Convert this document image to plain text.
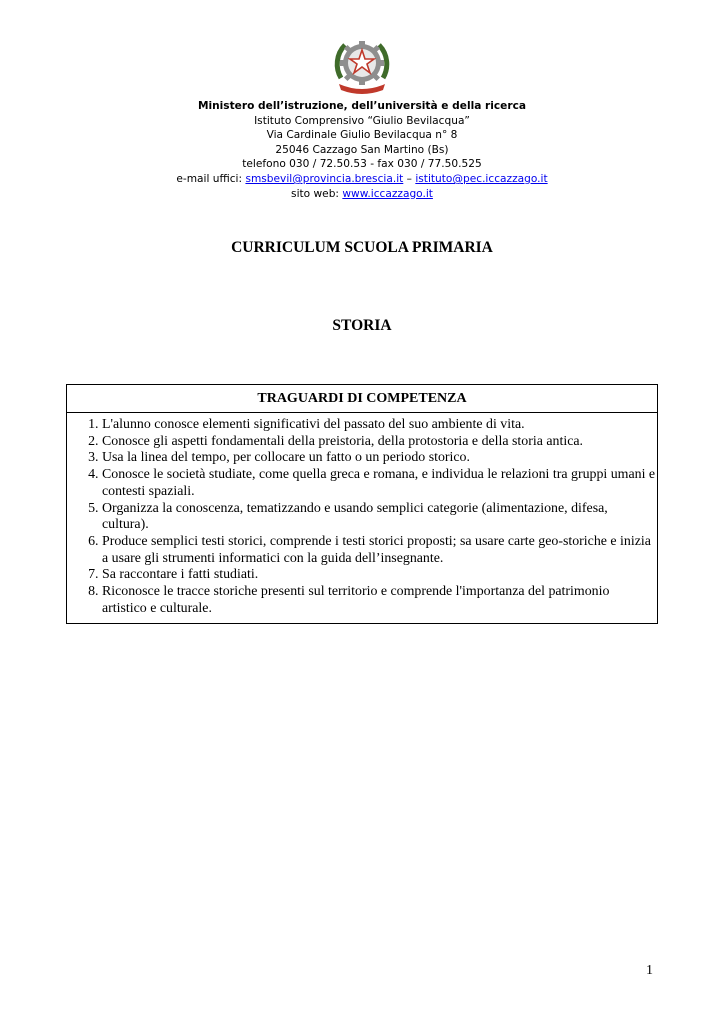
Ministero dell’istruzione, dell’università e della ricerca
Istituto Comprensivo “Giulio Bevilacqua”
Via Cardinale Giulio Bevilacqua n° 8
25046 Cazzago San Martino (Bs)
telefono 030 / 72.50.53 - fax 030 / 77.50.525
e-mail uffici: smsbevil@provincia.brescia.it – istituto@pec.iccazzago.it
sito web: www.iccazzago.it
CURRICULUM SCUOLA PRIMARIA
STORIA
TRAGUARDI DI COMPETENZA
1. L'alunno conosce elementi significativi del passato del suo ambiente di vita.
2. Conosce gli aspetti fondamentali della preistoria, della protostoria e della storia antica.
3. Usa la linea del tempo, per collocare un fatto o un periodo storico.
4. Conosce le società studiate, come quella greca e romana, e individua le relazioni tra gruppi umani e contesti spaziali.
5. Organizza la conoscenza, tematizzando e usando semplici categorie (alimentazione, difesa, cultura).
6. Produce semplici testi storici, comprende i testi storici proposti; sa usare carte geo-storiche e inizia a usare gli strumenti informatici con la guida dell’insegnante.
7. Sa raccontare i fatti studiati.
8. Riconosce le tracce storiche presenti sul territorio e comprende l'importanza del patrimonio artistico e culturale.
1
